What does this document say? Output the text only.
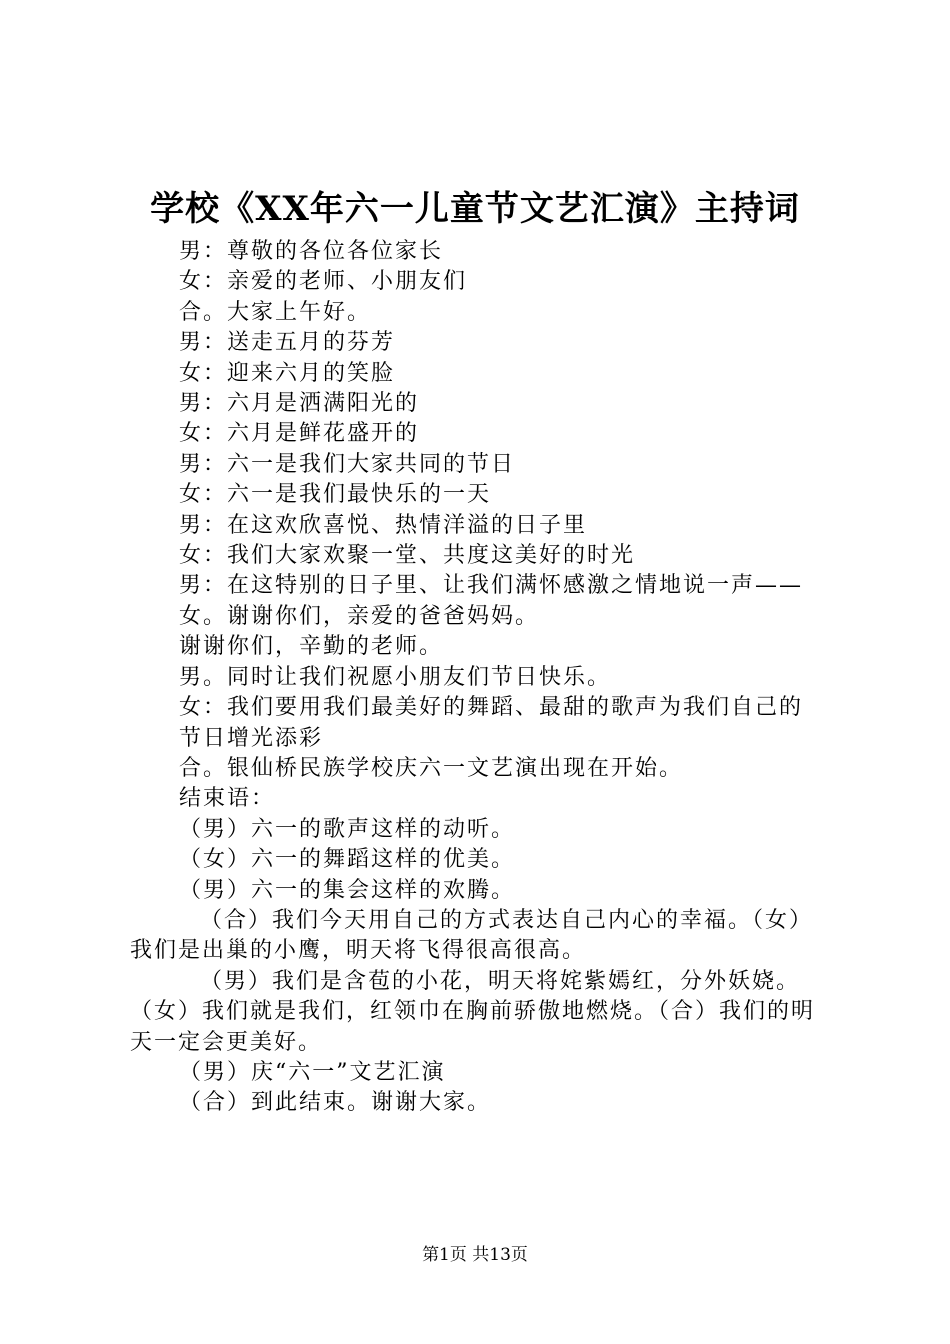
学校《XX年六一儿童节文艺汇演》主持词

男：尊敬的各位各位家长

女：亲爱的老师、小朋友们

合。大家上午好。

男：送走五月的芬芳

女：迎来六月的笑脸

男：六月是洒满阳光的

女：六月是鲜花盛开的

男：六一是我们大家共同的节日

女：六一是我们最快乐的一天

男：在这欢欣喜悦、热情洋溢的日子里

女：我们大家欢聚一堂、共度这美好的时光

男：在这特别的日子里、让我们满怀感激之情地说一声——

女。谢谢你们，亲爱的爸爸妈妈。

谢谢你们，辛勤的老师。

男。同时让我们祝愿小朋友们节日快乐。

女：我们要用我们最美好的舞蹈、最甜的歌声为我们自己的

节日增光添彩

合。银仙桥民族学校庆六一文艺演出现在开始。

结束语：

（男）六一的歌声这样的动听。

（女）六一的舞蹈这样的优美。

（男）六一的集会这样的欢腾。

（合）我们今天用自己的方式表达自己内心的幸福。（女）我们是出巢的小鹰，明天将飞得很高很高。

（男）我们是含苞的小花，明天将姹紫嫣红，分外妖娆。（女）我们就是我们，红领巾在胸前骄傲地燃烧。（合）我们的明天一定会更美好。

（男）庆“六一”文艺汇演

（合）到此结束。谢谢大家。

第1页 共13页
